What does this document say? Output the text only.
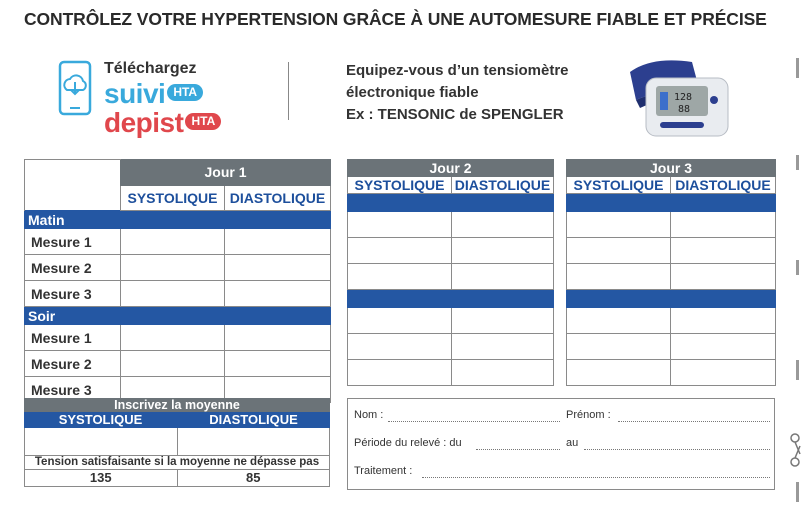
CONTRÔLEZ VOTRE HYPERTENSION GRÂCE À UNE AUTOMESURE FIABLE ET PRÉCISE
Téléchargez
suivi HTA
depist HTA
Equipez-vous d’un tensiomètre
électronique fiable
Ex : TENSONIC de SPENGLER
128
88
	Jour 1	
	SYSTOLIQUE	DIASTOLIQUE
Matin		
Mesure 1		
Mesure 2		
Mesure 3		
Soir		
Mesure 1		
Mesure 2		
Mesure 3		
Jour 2	
SYSTOLIQUE	DIASTOLIQUE

Jour 3	
SYSTOLIQUE	DIASTOLIQUE

Inscrivez la moyenne
SYSTOLIQUE	DIASTOLIQUE
Tension satisfaisante si la moyenne ne dépasse pas
135	85
Nom :	Prénom :
Période du relevé : du	au
Traitement :
